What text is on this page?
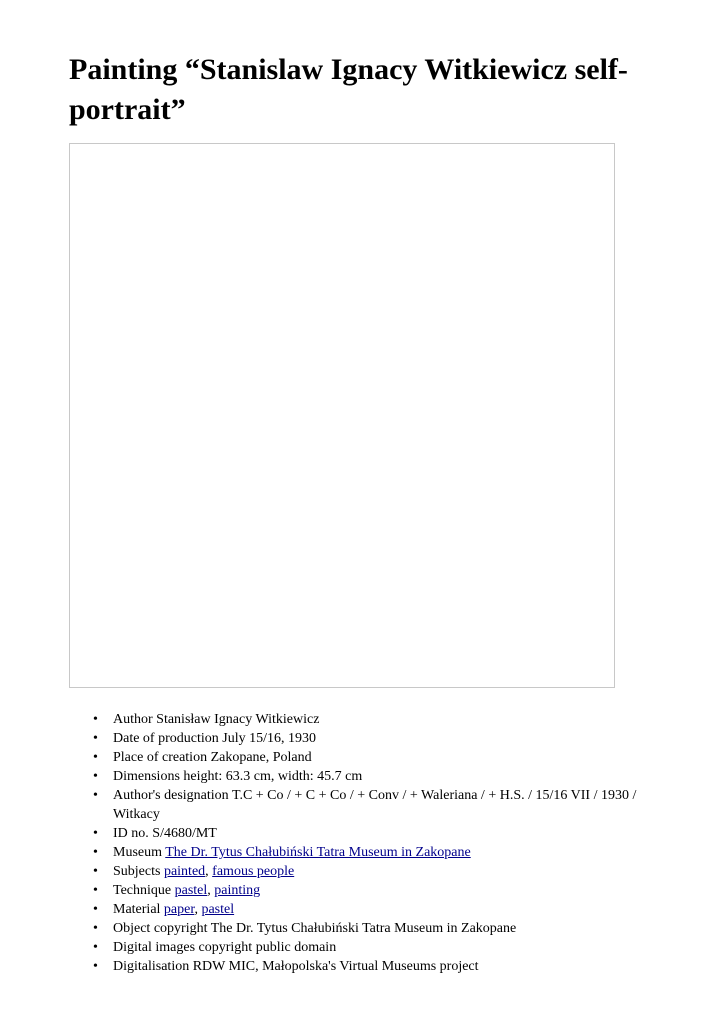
Painting “Stanislaw Ignacy Witkiewicz self-portrait”
• Author Stanisław Ignacy Witkiewicz
• Date of production July 15/16, 1930
• Place of creation Zakopane, Poland
• Dimensions height: 63.3 cm, width: 45.7 cm
• Author's designation T.C + Co / + C + Co / + Conv / + Waleriana / + H.S. / 15/16 VII / 1930 / Witkacy
• ID no. S/4680/MT
• Museum The Dr. Tytus Chałubiński Tatra Museum in Zakopane
• Subjects painted, famous people
• Technique pastel, painting
• Material paper, pastel
• Object copyright The Dr. Tytus Chałubiński Tatra Museum in Zakopane
• Digital images copyright public domain
• Digitalisation RDW MIC, Małopolska's Virtual Museums project
